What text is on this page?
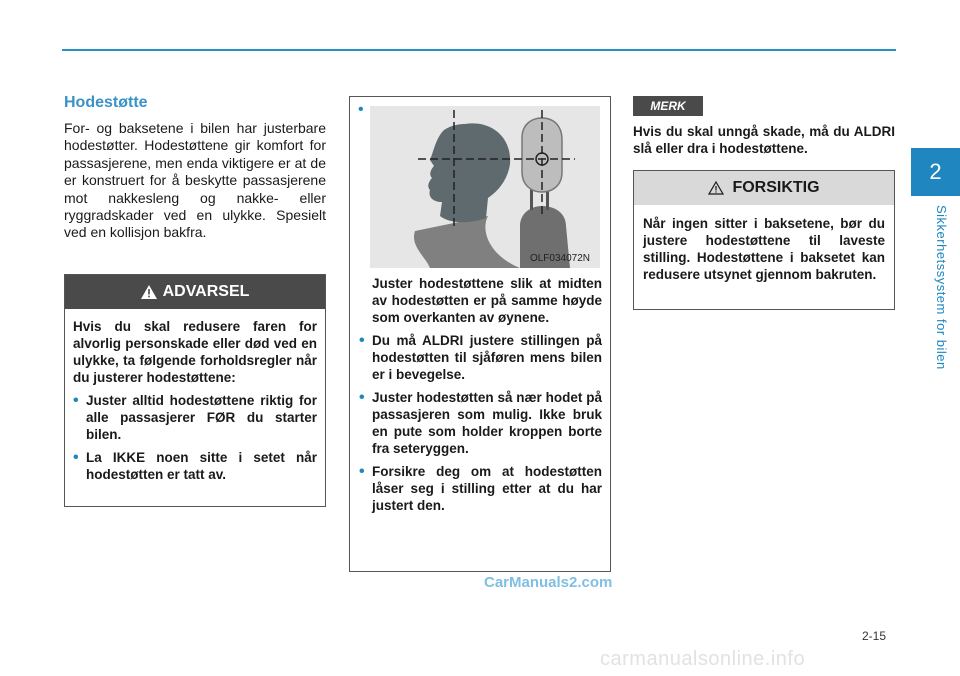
2
Sikkerhetssystem for bilen
Hodestøtte

For- og baksetene i bilen har justerbare hodestøtter. Hodestøttene gir komfort for passasjerene, men enda viktigere er at de er konstruert for å beskytte passasjerene mot nakkesleng og nakke- eller ryggradskader ved en ulykke. Spesielt ved en kollisjon bakfra.

ADVARSEL

Hvis du skal redusere faren for alvorlig personskade eller død ved en ulykke, ta følgende forholdsregler når du justerer hodestøttene:

• Juster alltid hodestøttene riktig for alle passasjerer FØR du starter bilen.
• La IKKE noen sitte i setet når hodestøtten er tatt av.
•
OLF034072N

Juster hodestøttene slik at midten av hodestøtten er på samme høyde som overkanten av øynene.

• Du må ALDRI justere stillingen på hodestøtten til sjåføren mens bilen er i bevegelse.
• Juster hodestøtten så nær hodet på passasjeren som mulig. Ikke bruk en pute som holder kroppen borte fra seteryggen.
• Forsikre deg om at hodestøtten låser seg i stilling etter at du har justert den.
MERK

Hvis du skal unngå skade, må du ALDRI slå eller dra i hodestøttene.

FORSIKTIG

Når ingen sitter i baksetene, bør du justere hodestøttene til laveste stilling. Hodestøttene i baksetet kan redusere utsynet gjennom bakruten.

CarManuals2.com
2-15
carmanualsonline.info
